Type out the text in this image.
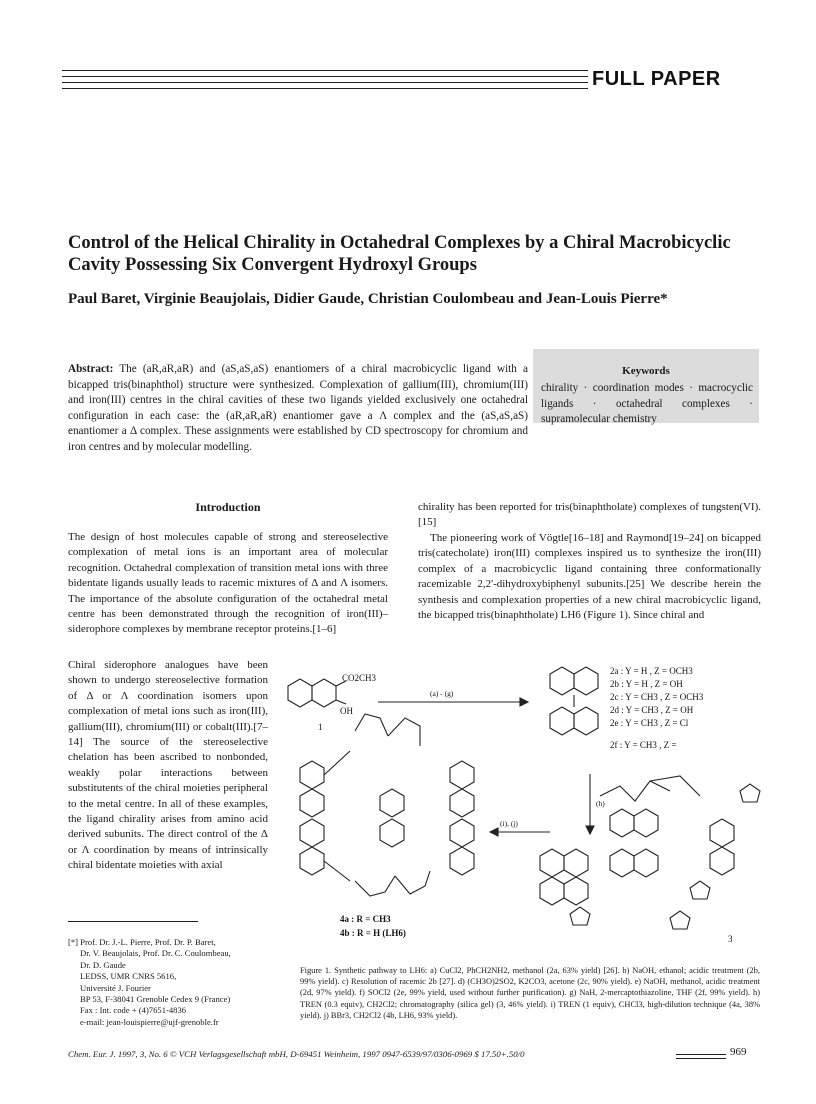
FULL PAPER
Control of the Helical Chirality in Octahedral Complexes by a Chiral Macrobicyclic Cavity Possessing Six Convergent Hydroxyl Groups
Paul Baret, Virginie Beaujolais, Didier Gaude, Christian Coulombeau and Jean-Louis Pierre*
Abstract: The (aR,aR,aR) and (aS,aS,aS) enantiomers of a chiral macrobicyclic ligand with a bicapped tris(binaphthol) structure were synthesized. Complexation of gallium(III), chromium(III) and iron(III) centres in the chiral cavities of these two ligands yielded exclusively one octahedral configuration in each case: the (aR,aR,aR) enantiomer gave a Λ complex and the (aS,aS,aS) enantiomer a Δ complex. These assignments were established by CD spectroscopy for chromium and iron centres and by molecular modelling.
Keywords
chirality · coordination modes · macrocyclic ligands · octahedral complexes · supramolecular chemistry
Introduction
The design of host molecules capable of strong and stereoselective complexation of metal ions is an important area of molecular recognition. Octahedral complexation of transition metal ions with three bidentate ligands usually leads to racemic mixtures of Δ and Λ isomers. The importance of the absolute configuration of the octahedral metal centre has been demonstrated through the recognition of iron(III)–siderophore complexes by membrane receptor proteins.[1–6]
Chiral siderophore analogues have been shown to undergo stereoselective formation of Δ or Λ coordination isomers upon complexation of metal ions such as iron(III), gallium(III), chromium(III) or cobalt(III).[7–14] The source of the stereoselective chelation has been ascribed to nonbonded, weakly polar interactions between substitutents of the chiral moieties peripheral to the metal centre. In all of these examples, the ligand chirality arises from amino acid derived subunits. The direct control of the Δ or Λ coordination by means of intrinsically chiral bidentate moieties with axial
chirality has been reported for tris(binaphtholate) complexes of tungsten(VI).[15]
The pioneering work of Vögtle[16–18] and Raymond[19–24] on bicapped tris(catecholate) iron(III) complexes inspired us to synthesize the iron(III) complex of a macrobicyclic ligand containing three conformationally racemizable 2,2'-dihydroxybiphenyl subunits.[25] We describe herein the synthesis and complexation properties of a new chiral macrobicyclic ligand, the bicapped tris(binaphtholate) LH6 (Figure 1). Since chiral and
CO2CH3
OH
1
(a) - (g)
2a : Y = H , Z = OCH3
2b : Y = H , Z = OH
2c : Y = CH3 , Z = OCH3
2d : Y = CH3 , Z = OH
2e : Y = CH3 , Z = Cl
2f : Y = CH3 , Z =
(h)
(i), (j)
3
4a : R = CH3
4b : R = H (LH6)
[*] Prof. Dr. J.-L. Pierre, Prof. Dr. P. Baret,
Dr. V. Beaujolais, Prof. Dr. C. Coulombeau,
Dr. D. Gaude
LEDSS, UMR CNRS 5616,
Université J. Fourier
BP 53, F-38041 Grenoble Cedex 9 (France)
Fax : Int. code + (4)7651-4836
e-mail: jean-louispierre@ujf-grenoble.fr
Figure 1. Synthetic pathway to LH6: a) CuCl2, PhCH2NH2, methanol (2a, 63% yield) [26]. b) NaOH, ethanol; acidic treatment (2b, 99% yield). c) Resolution of racemic 2b [27]. d) (CH3O)2SO2, K2CO3, acetone (2c, 90% yield). e) NaOH, methanol, acidic treatment (2d, 97% yield). f) SOCl2 (2e, 99% yield, used without further purification). g) NaH, 2-mercaptothiazoline, THF (2f, 99% yield). h) TREN (0.3 equiv), CH2Cl2; chromatography (silica gel) (3, 46% yield). i) TREN (1 equiv), CHCl3, high-dilution technique (4a, 38% yield). j) BBr3, CH2Cl2 (4b, LH6, 93% yield).
Chem. Eur. J. 1997, 3, No. 6 © VCH Verlagsgesellschaft mbH, D-69451 Weinheim, 1997 0947-6539/97/0306-0969 $ 17.50+.50/0	969
